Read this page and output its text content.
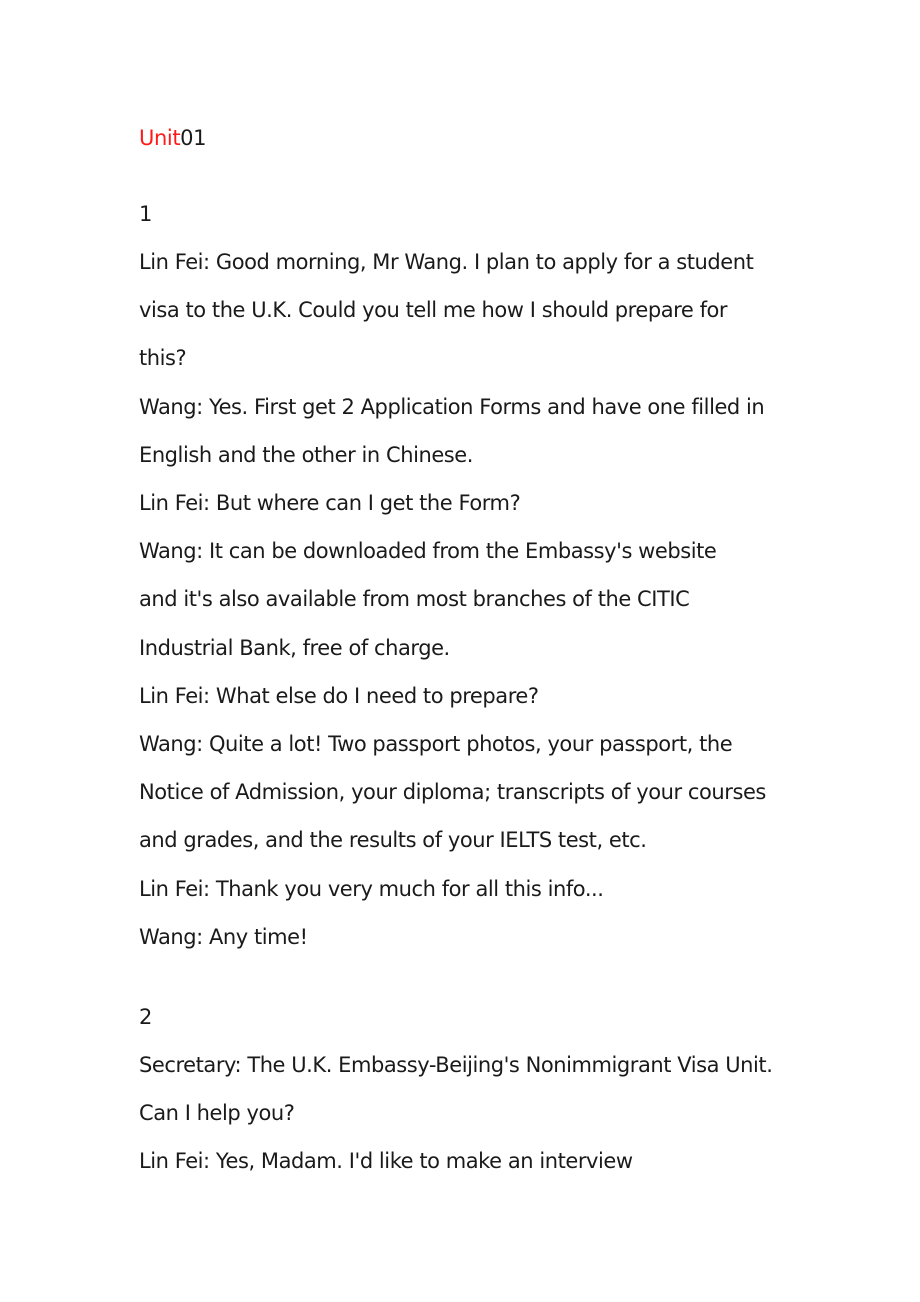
Unit01
1
Lin Fei: Good morning, Mr Wang. I plan to apply for a student
visa to the U.K. Could you tell me how I should prepare for
this?
Wang: Yes. First get 2 Application Forms and have one filled in
English and the other in Chinese.
Lin Fei: But where can I get the Form?
Wang: It can be downloaded from the Embassy's website
and it's also available from most branches of the CITIC
Industrial Bank, free of charge.
Lin Fei: What else do I need to prepare?
Wang: Quite a lot! Two passport photos, your passport, the
Notice of Admission, your diploma; transcripts of your courses
and grades, and the results of your IELTS test, etc.
Lin Fei: Thank you very much for all this info...
Wang: Any time!
2
Secretary: The U.K. Embassy-Beijing's Nonimmigrant Visa Unit.
Can I help you?
Lin Fei: Yes, Madam. I'd like to make an interview
